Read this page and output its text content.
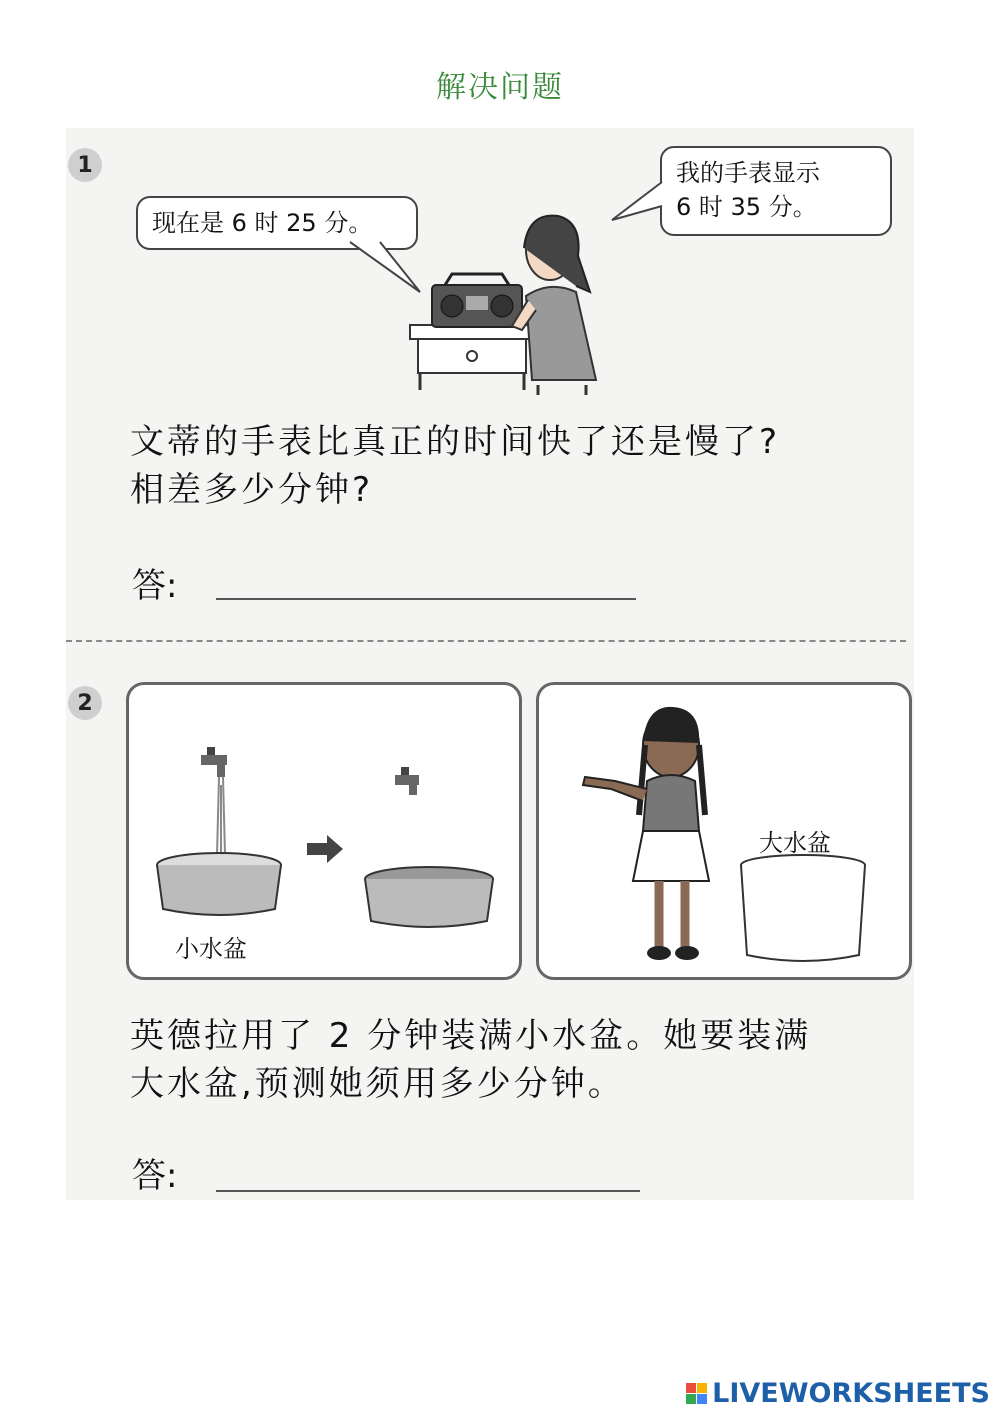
解决问题
1
现在是 6 时 25 分。
我的手表显示
6 时 35 分。
文蒂的手表比真正的时间快了还是慢了?
相差多少分钟?
答:
2
小水盆
大水盆
英德拉用了 2 分钟装满小水盆。她要装满
大水盆,预测她须用多少分钟。
答:
LIVEWORKSHEETS
